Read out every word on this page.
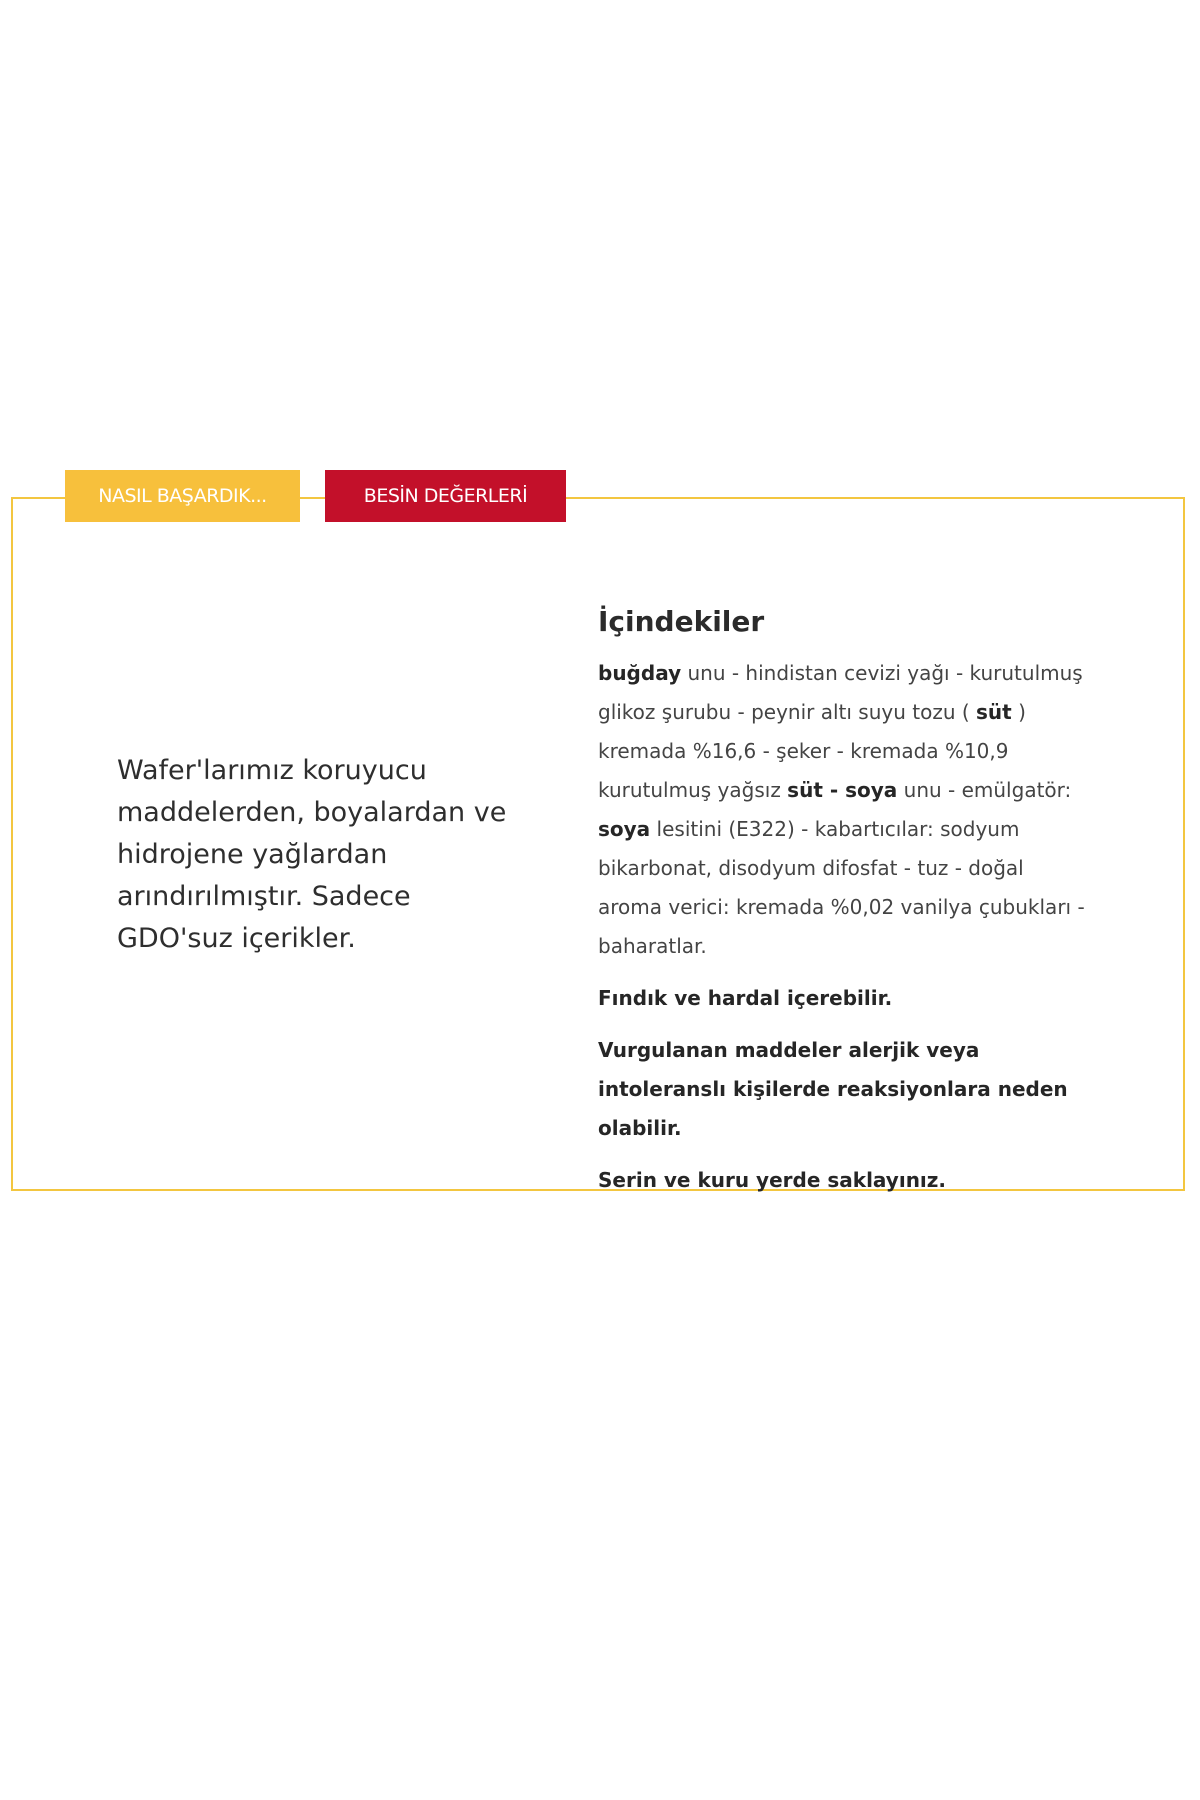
NASIL BAŞARDIK...	BESİN DEĞERLERİ
Wafer'larımız koruyucu maddelerden, boyalardan ve hidrojene yağlardan arındırılmıştır. Sadece GDO'suz içerikler.
İçindekiler

buğday unu - hindistan cevizi yağı - kurutulmuş glikoz şurubu - peynir altı suyu tozu ( süt ) kremada %16,6 - şeker - kremada %10,9 kurutulmuş yağsız süt - soya unu - emülgatör: soya lesitini (E322) - kabartıcılar: sodyum bikarbonat, disodyum difosfat - tuz - doğal aroma verici: kremada %0,02 vanilya çubukları - baharatlar.

Fındık ve hardal içerebilir.

Vurgulanan maddeler alerjik veya intoleranslı kişilerde reaksiyonlara neden olabilir.

Serin ve kuru yerde saklayınız.
